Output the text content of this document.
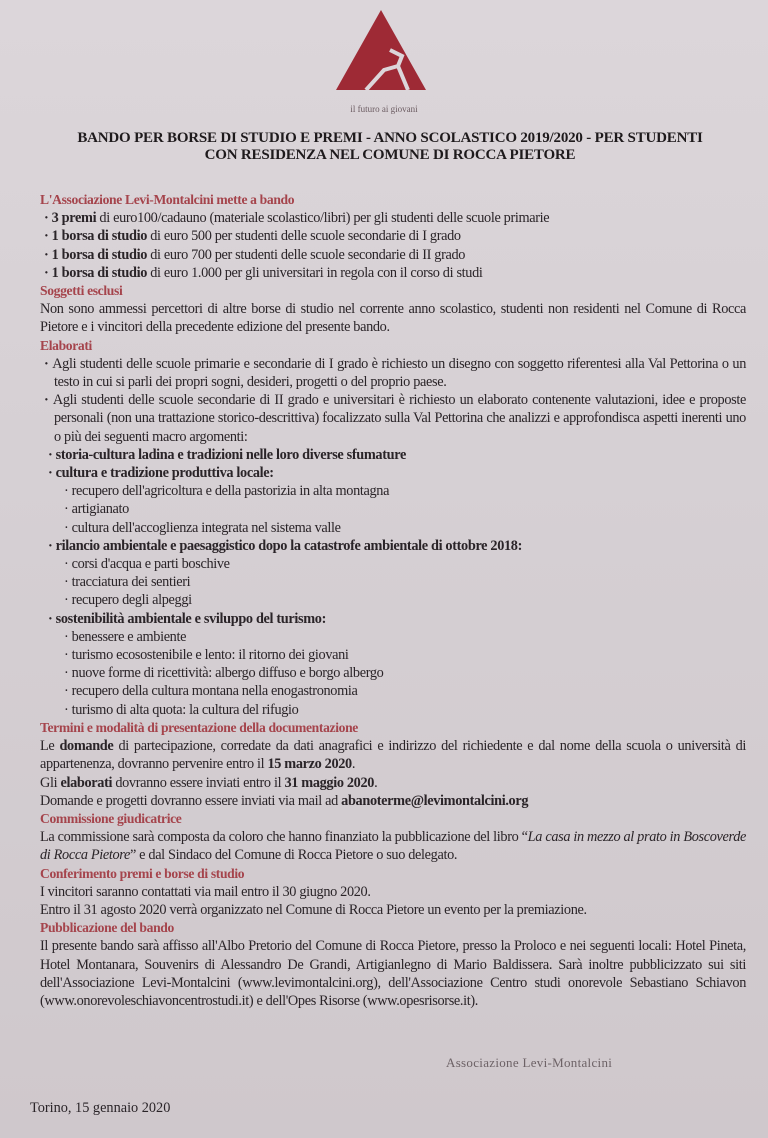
il futuro ai giovani
BANDO PER BORSE DI STUDIO E PREMI - ANNO SCOLASTICO 2019/2020 - PER STUDENTI CON RESIDENZA NEL COMUNE DI ROCCA PIETORE
L'Associazione Levi-Montalcini mette a bando
· 3 premi di euro100/cadauno (materiale scolastico/libri) per gli studenti delle scuole primarie
· 1 borsa di studio di euro 500 per studenti delle scuole secondarie di I grado
· 1 borsa di studio di euro 700 per studenti delle scuole secondarie di II grado
· 1 borsa di studio di euro 1.000 per gli universitari in regola con il corso di studi
Soggetti esclusi
Non sono ammessi percettori di altre borse di studio nel corrente anno scolastico, studenti non residenti nel Comune di Rocca Pietore e i vincitori della precedente edizione del presente bando.
Elaborati
· Agli studenti delle scuole primarie e secondarie di I grado è richiesto un disegno con soggetto riferentesi alla Val Pettorina o un testo in cui si parli dei propri sogni, desideri, progetti o del proprio paese.
· Agli studenti delle scuole secondarie di II grado e universitari è richiesto un elaborato contenente valutazioni, idee e proposte personali (non una trattazione storico-descrittiva) focalizzato sulla Val Pettorina che analizzi e approfondisca aspetti inerenti uno o più dei seguenti macro argomenti:
· storia-cultura ladina e tradizioni nelle loro diverse sfumature
· cultura e tradizione produttiva locale:
· recupero dell'agricoltura e della pastorizia in alta montagna
· artigianato
· cultura dell'accoglienza integrata nel sistema valle
· rilancio ambientale e paesaggistico dopo la catastrofe ambientale di ottobre 2018:
· corsi d'acqua e parti boschive
· tracciatura dei sentieri
· recupero degli alpeggi
· sostenibilità ambientale e sviluppo del turismo:
· benessere e ambiente
· turismo ecosostenibile e lento: il ritorno dei giovani
· nuove forme di ricettività: albergo diffuso e borgo albergo
· recupero della cultura montana nella enogastronomia
· turismo di alta quota: la cultura del rifugio
Termini e modalità di presentazione della documentazione
Le domande di partecipazione, corredate da dati anagrafici e indirizzo del richiedente e dal nome della scuola o università di appartenenza, dovranno pervenire entro il 15 marzo 2020.
Gli elaborati dovranno essere inviati entro il 31 maggio 2020.
Domande e progetti dovranno essere inviati via mail ad abanoterme@levimontalcini.org
Commissione giudicatrice
La commissione sarà composta da coloro che hanno finanziato la pubblicazione del libro “La casa in mezzo al prato in Boscoverde di Rocca Pietore” e dal Sindaco del Comune di Rocca Pietore o suo delegato.
Conferimento premi e borse di studio
I vincitori saranno contattati via mail entro il 30 giugno 2020.
Entro il 31 agosto 2020 verrà organizzato nel Comune di Rocca Pietore un evento per la premiazione.
Pubblicazione del bando
Il presente bando sarà affisso all'Albo Pretorio del Comune di Rocca Pietore, presso la Proloco e nei seguenti locali: Hotel Pineta, Hotel Montanara, Souvenirs di Alessandro De Grandi, Artigianlegno di Mario Baldissera. Sarà inoltre pubblicizzato sui siti dell'Associazione Levi-Montalcini (www.levimontalcini.org), dell'Associazione Centro studi onorevole Sebastiano Schiavon (www.onorevoleschiavoncentrostudi.it) e dell'Opes Risorse (www.opesrisorse.it).
Associazione Levi-Montalcini
Torino, 15 gennaio 2020
